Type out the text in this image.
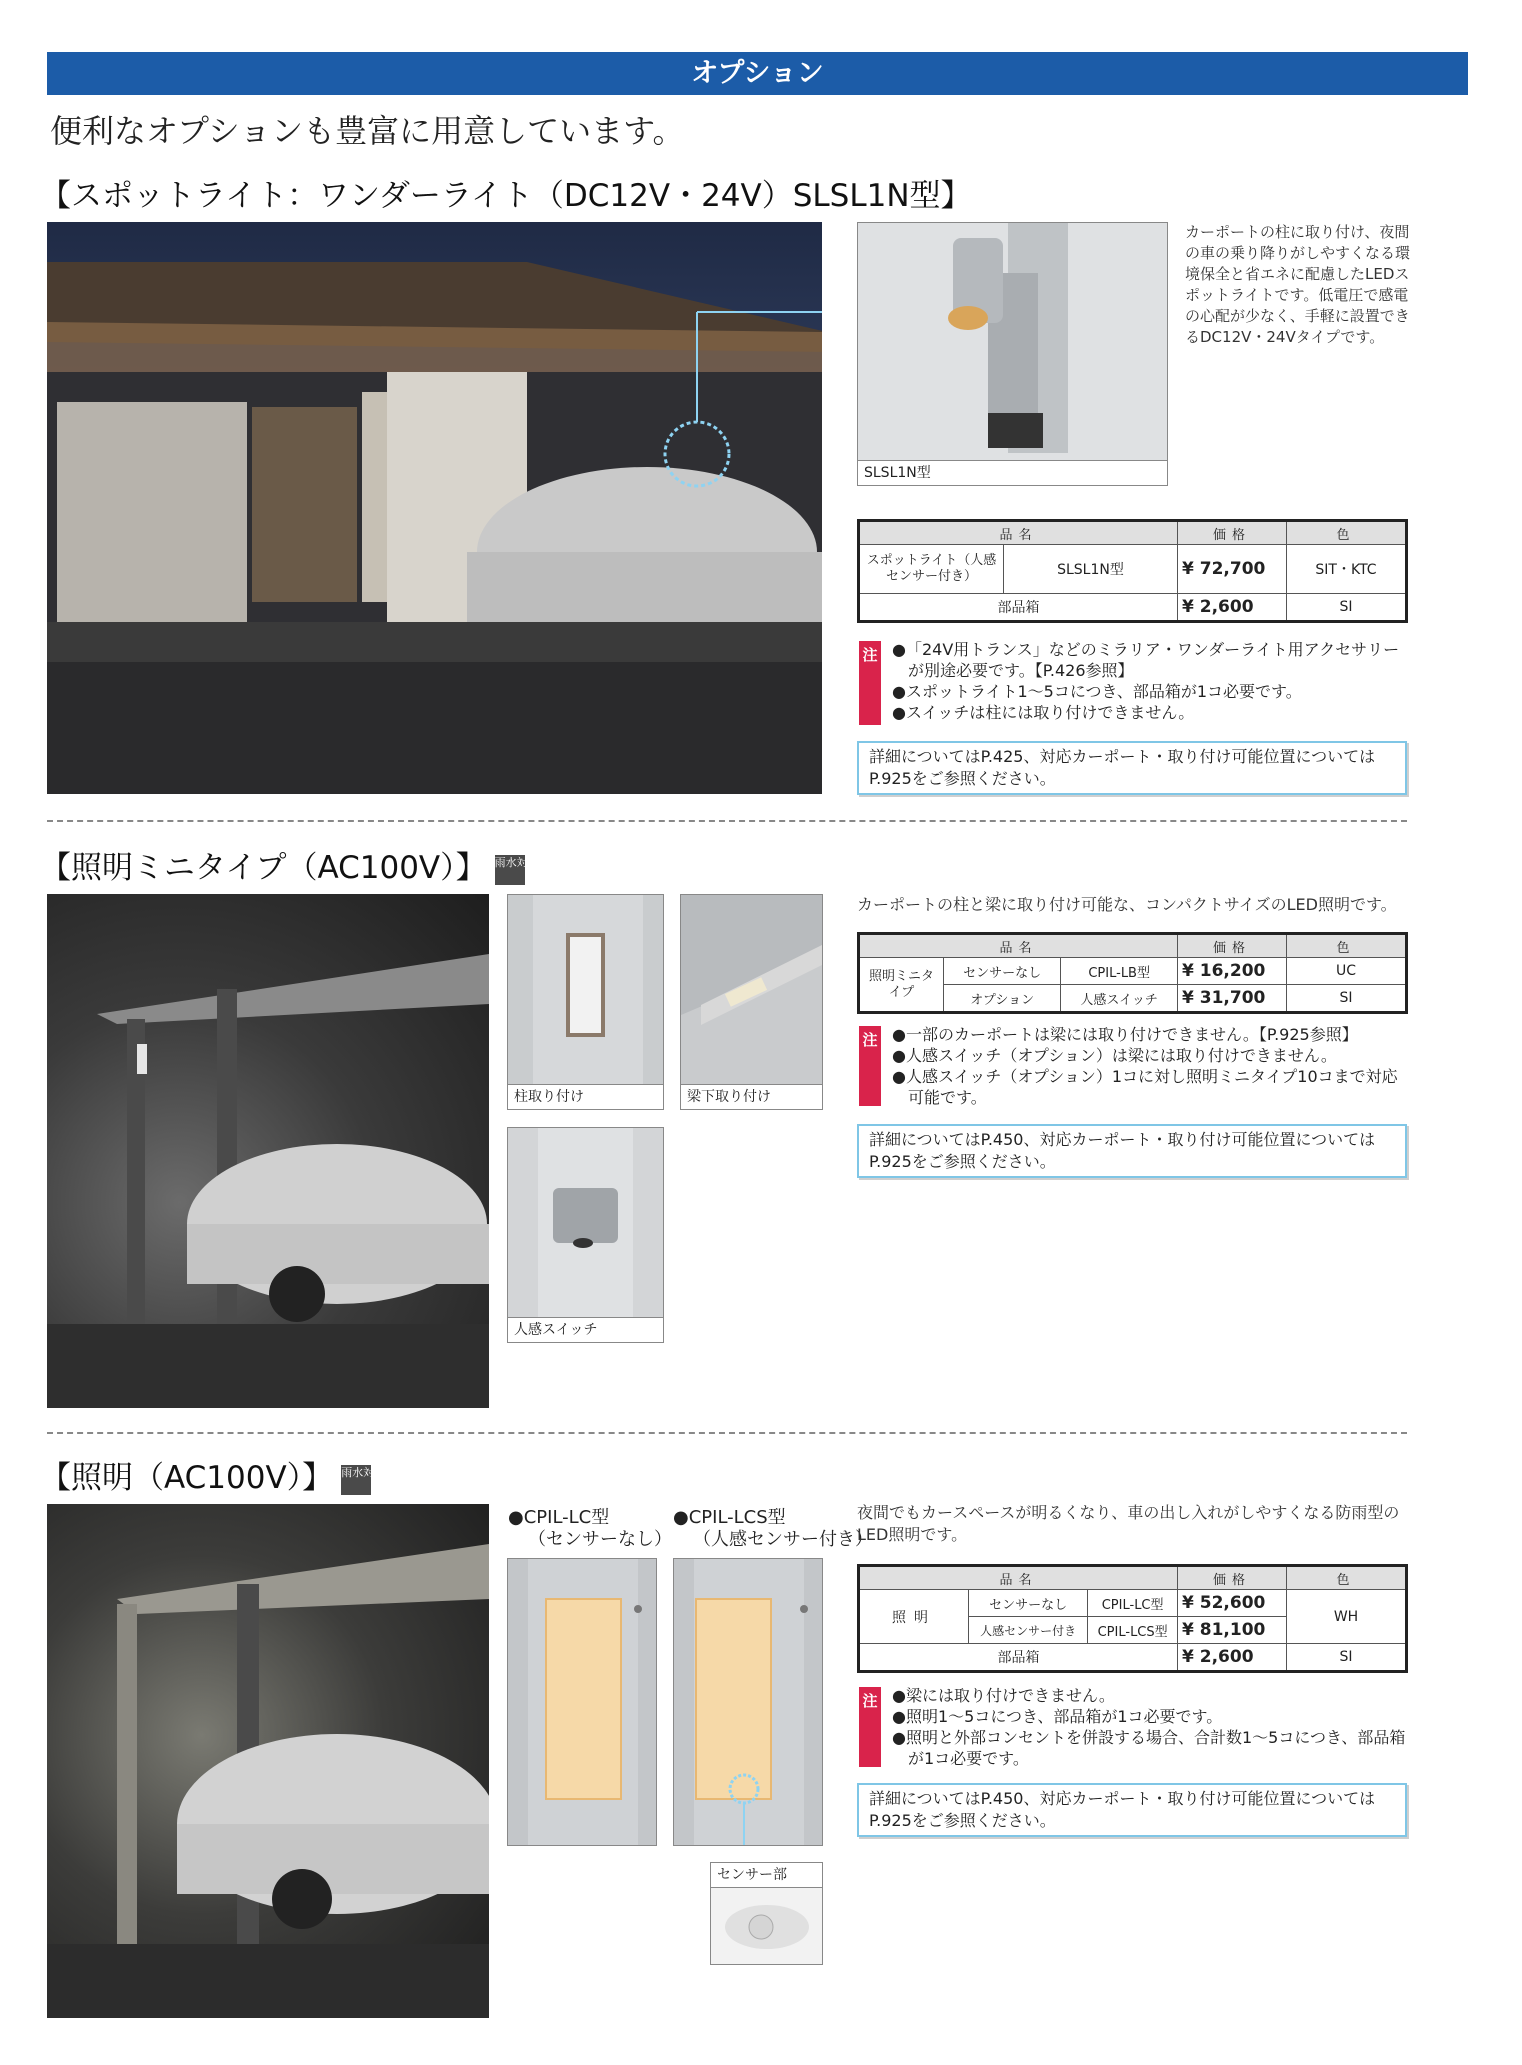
オプション
便利なオプションも豊富に用意しています。
【スポットライト：ワンダーライト（DC12V・24V）SLSL1N型】
SLSL1N型
カーポートの柱に取り付け、夜間の車の乗り降りがしやすくなる環境保全と省エネに配慮したLEDスポットライトです。低電圧で感電の心配が少なく、手軽に設置できるDC12V・24Vタイプです。
品名		価格	色
スポットライト（人感センサー付き）	SLSL1N型	¥ 72,700	SIT・KTC
部品箱		¥ 2,600	SI
注 ●「24V用トランス」などのミラリア・ワンダーライト用アクセサリーが別途必要です。【P.426参照】
●スポットライト1～5コにつき、部品箱が1コ必要です。
●スイッチは柱には取り付けできません。
詳細についてはP.425、対応カーポート・取り付け可能位置についてはP.925をご参照ください。
【照明ミニタイプ（AC100V）】 雨水対応
柱取り付け	梁下取り付け
人感スイッチ
カーポートの柱と梁に取り付け可能な、コンパクトサイズのLED照明です。
品名			価格	色
照明ミニタイプ	センサーなし	CPIL-LB型	¥ 16,200	UC
	オプション	人感スイッチ	¥ 31,700	SI
注 ●一部のカーポートは梁には取り付けできません。【P.925参照】
●人感スイッチ（オプション）は梁には取り付けできません。
●人感スイッチ（オプション）1コに対し照明ミニタイプ10コまで対応可能です。
詳細についてはP.450、対応カーポート・取り付け可能位置についてはP.925をご参照ください。
【照明（AC100V）】 雨水対応
●CPIL-LC型
（センサーなし）
●CPIL-LCS型
（人感センサー付き）
センサー部
夜間でもカースペースが明るくなり、車の出し入れがしやすくなる防雨型のLED照明です。
品名			価格	色
照明	センサーなし	CPIL-LC型	¥ 52,600	WH
	人感センサー付き	CPIL-LCS型	¥ 81,100	
部品箱			¥ 2,600	SI
注 ●梁には取り付けできません。
●照明1～5コにつき、部品箱が1コ必要です。
●照明と外部コンセントを併設する場合、合計数1～5コにつき、部品箱が1コ必要です。
詳細についてはP.450、対応カーポート・取り付け可能位置についてはP.925をご参照ください。
